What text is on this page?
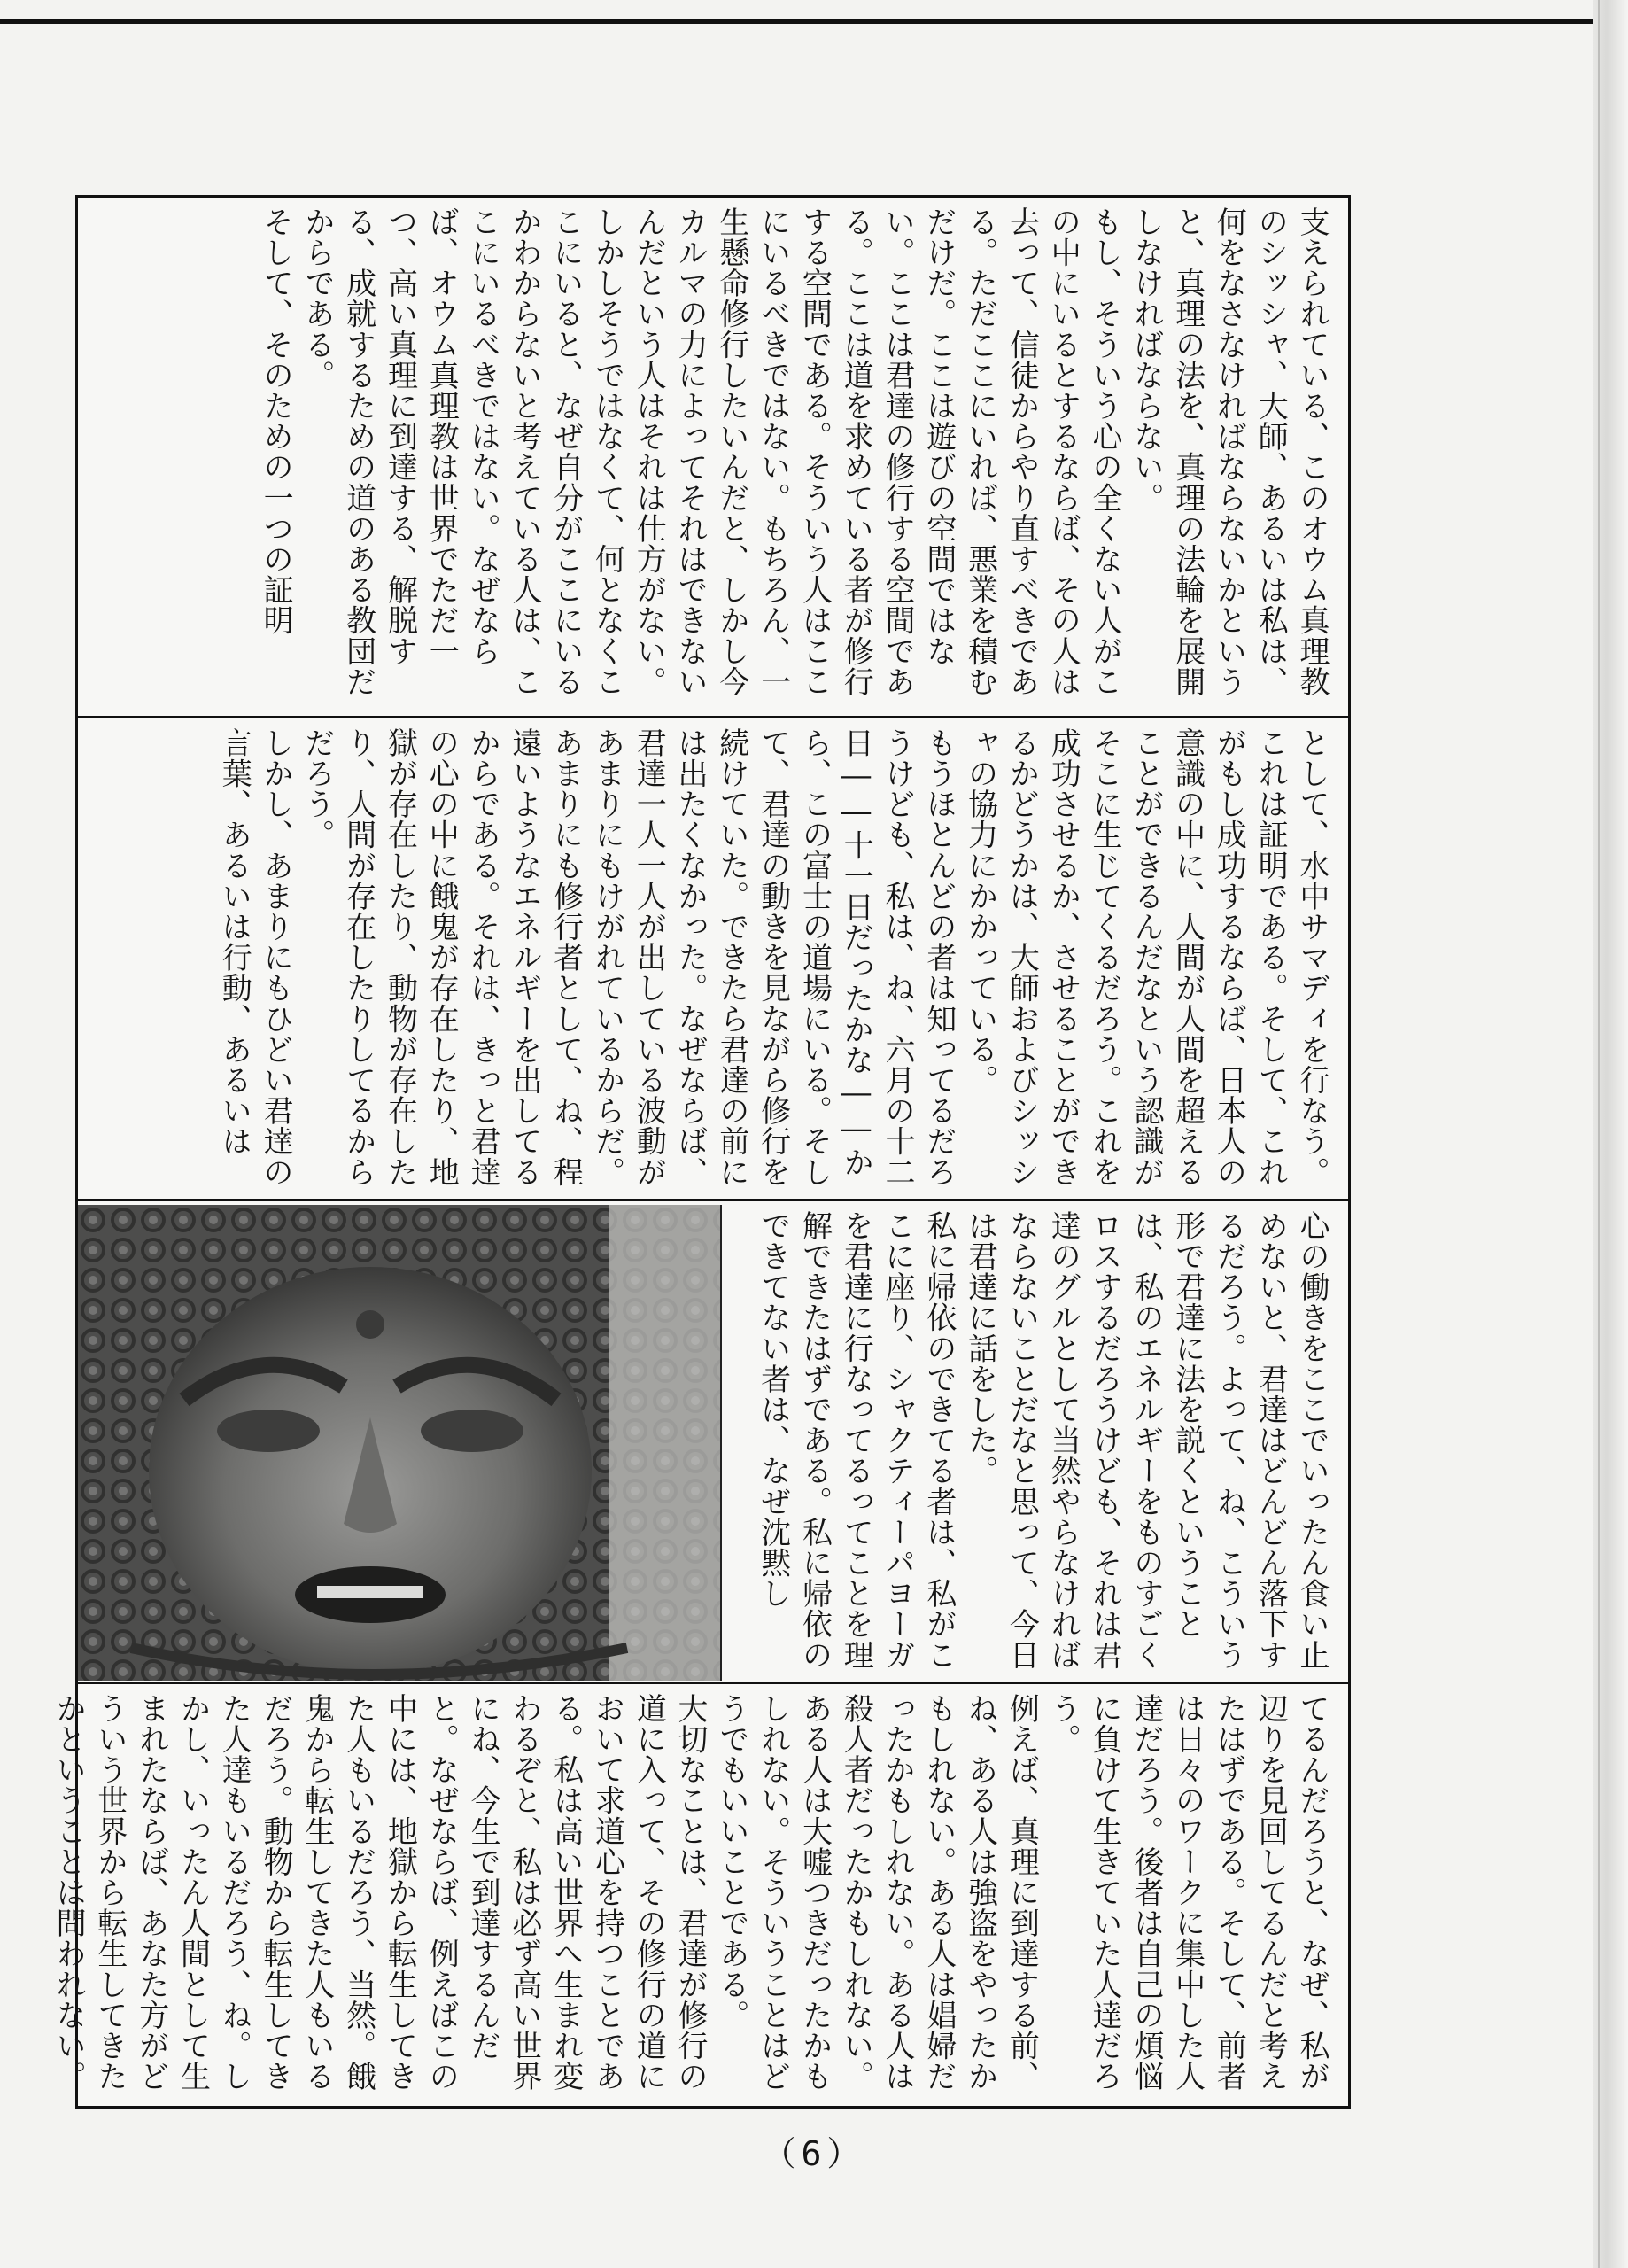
支えられている、このオウム真理教のシッシャ、大師、あるいは私は、何をなさなければならないかというと、真理の法を、真理の法輪を展開しなければならない。

もし、そういう心の全くない人がこの中にいるとするならば、その人は去って、信徒からやり直すべきである。ただここにいれば、悪業を積むだけだ。ここは遊びの空間ではない。ここは君達の修行する空間である。ここは道を求めている者が修行する空間である。そういう人はここにいるべきではない。もちろん、一生懸命修行したいんだと、しかし今カルマの力によってそれはできないんだという人はそれは仕方がない。

しかしそうではなくて、何となくここにいると、なぜ自分がここにいるかわからないと考えている人は、ここにいるべきではない。なぜならば、オウム真理教は世界でただ一つ、高い真理に到達する、解脱する、成就するための道のある教団だからである。

そして、そのための一つの証明

として、水中サマディを行なう。これは証明である。そして、これがもし成功するならば、日本人の意識の中に、人間が人間を超えることができるんだなという認識がそこに生じてくるだろう。これを成功させるか、させることができるかどうかは、大師およびシッシャの協力にかかっている。

もうほとんどの者は知ってるだろうけども、私は、ね、六月の十二日――十一日だったかな――から、この富士の道場にいる。そして、君達の動きを見ながら修行を続けていた。できたら君達の前には出たくなかった。なぜならば、君達一人一人が出している波動があまりにもけがれているからだ。あまりにも修行者として、ね、程遠いようなエネルギーを出してるからである。それは、きっと君達の心の中に餓鬼が存在したり、地獄が存在したり、動物が存在したり、人間が存在したりしてるからだろう。

しかし、あまりにもひどい君達の言葉、あるいは行動、あるいは

心の働きをここでいったん食い止めないと、君達はどんどん落下するだろう。よって、ね、こういう形で君達に法を説くということは、私のエネルギーをものすごくロスするだろうけども、それは君達のグルとして当然やらなければならないことだなと思って、今日は君達に話をした。

私に帰依のできてる者は、私がここに座り、シャクティーパヨーガを君達に行なってるってことを理解できたはずである。私に帰依のできてない者は、なぜ沈黙し

てるんだろうと、なぜ、私が辺りを見回してるんだと考えたはずである。そして、前者は日々のワークに集中した人達だろう。後者は自己の煩悩に負けて生きていた人達だろう。

例えば、真理に到達する前、ね、ある人は強盗をやったかもしれない。ある人は娼婦だったかもしれない。ある人は殺人者だったかもしれない。ある人は大嘘つきだったかもしれない。そういうことはどうでもいいことである。

大切なことは、君達が修行の道に入って、その修行の道において求道心を持つことである。私は高い世界へ生まれ変わるぞと、私は必ず高い世界にね、今生で到達するんだと。なぜならば、例えばこの中には、地獄から転生してきた人もいるだろう、当然。餓鬼から転生してきた人もいるだろう。動物から転生してきた人達もいるだろう、ね。しかし、いったん人間として生まれたならば、あなた方がどういう世界から転生してきたかということは問われない。

（6）
